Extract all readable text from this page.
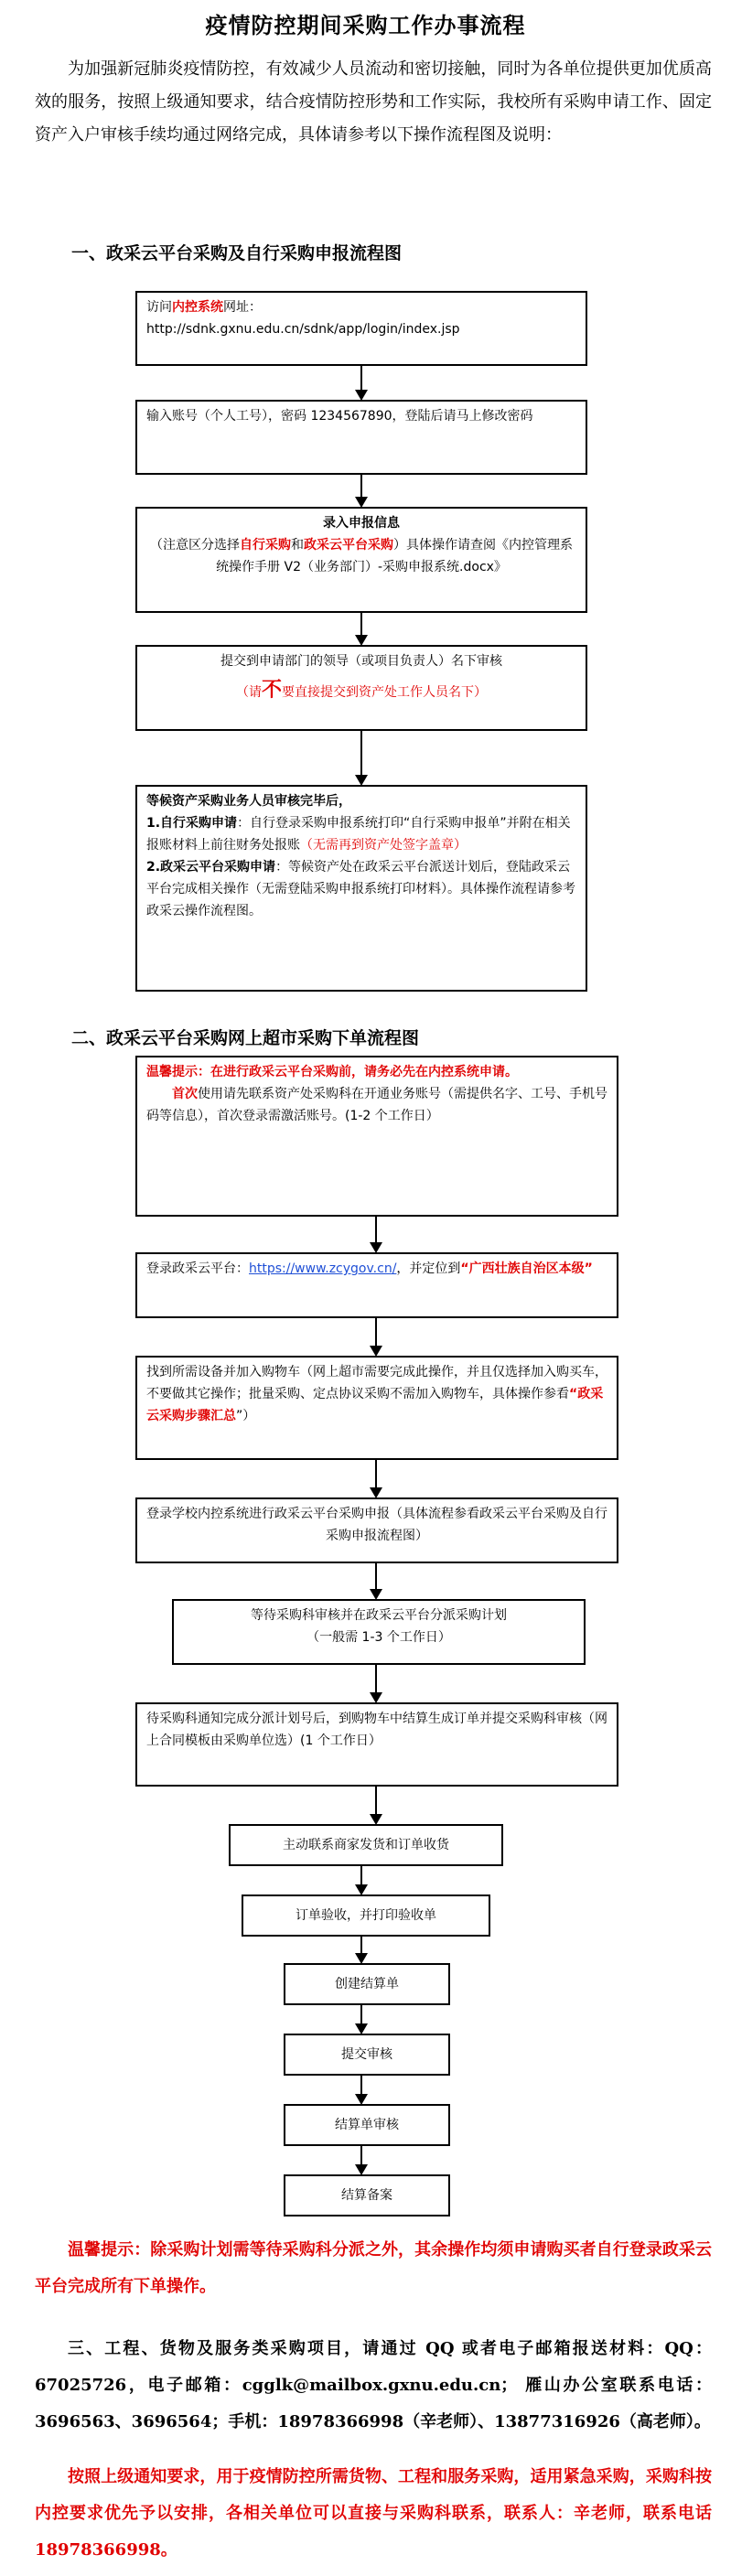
疫情防控期间采购工作办事流程
为加强新冠肺炎疫情防控，有效减少人员流动和密切接触，同时为各单位提供更加优质高效的服务，按照上级通知要求，结合疫情防控形势和工作实际，我校所有采购申请工作、固定资产入户审核手续均通过网络完成，具体请参考以下操作流程图及说明：
一、政采云平台采购及自行采购申报流程图
访问内控系统网址：
http://sdnk.gxnu.edu.cn/sdnk/app/login/index.jsp
输入账号（个人工号），密码 1234567890，登陆后请马上修改密码
录入申报信息
（注意区分选择自行采购和政采云平台采购）具体操作请查阅《内控管理系统操作手册 V2（业务部门）-采购申报系统.docx》
提交到申请部门的领导（或项目负责人）名下审核
（请不要直接提交到资产处工作人员名下）
等候资产采购业务人员审核完毕后，
1.自行采购申请：自行登录采购申报系统打印“自行采购申报单”并附在相关报账材料上前往财务处报账（无需再到资产处签字盖章）
2.政采云平台采购申请：等候资产处在政采云平台派送计划后，登陆政采云平台完成相关操作（无需登陆采购申报系统打印材料）。具体操作流程请参考政采云操作流程图。
二、政采云平台采购网上超市采购下单流程图
温馨提示：在进行政采云平台采购前，请务必先在内控系统申请。
首次使用请先联系资产处采购科在开通业务账号（需提供名字、工号、手机号码等信息），首次登录需激活账号。(1-2 个工作日）
登录政采云平台：https://www.zcygov.cn/，并定位到“广西壮族自治区本级”
找到所需设备并加入购物车（网上超市需要完成此操作，并且仅选择加入购买车，不要做其它操作；批量采购、定点协议采购不需加入购物车，具体操作参看“政采云采购步骤汇总”）
登录学校内控系统进行政采云平台采购申报（具体流程参看政采云平台采购及自行采购申报流程图）
等待采购科审核并在政采云平台分派采购计划
（一般需 1-3 个工作日）
待采购科通知完成分派计划号后，到购物车中结算生成订单并提交采购科审核（网上合同模板由采购单位选）(1 个工作日）
主动联系商家发货和订单收货
订单验收，并打印验收单
创建结算单
提交审核
结算单审核
结算备案
温馨提示：除采购计划需等待采购科分派之外，其余操作均须申请购买者自行登录政采云平台完成所有下单操作。
三、工程、货物及服务类采购项目，请通过 QQ 或者电子邮箱报送材料：QQ：67025726，电子邮箱：cgglk@mailbox.gxnu.edu.cn； 雁山办公室联系电话：3696563、3696564；手机：18978366998（辛老师）、13877316926（高老师）。
按照上级通知要求，用于疫情防控所需货物、工程和服务采购，适用紧急采购，采购科按内控要求优先予以安排，各相关单位可以直接与采购科联系，联系人：辛老师，联系电话 18978366998。
